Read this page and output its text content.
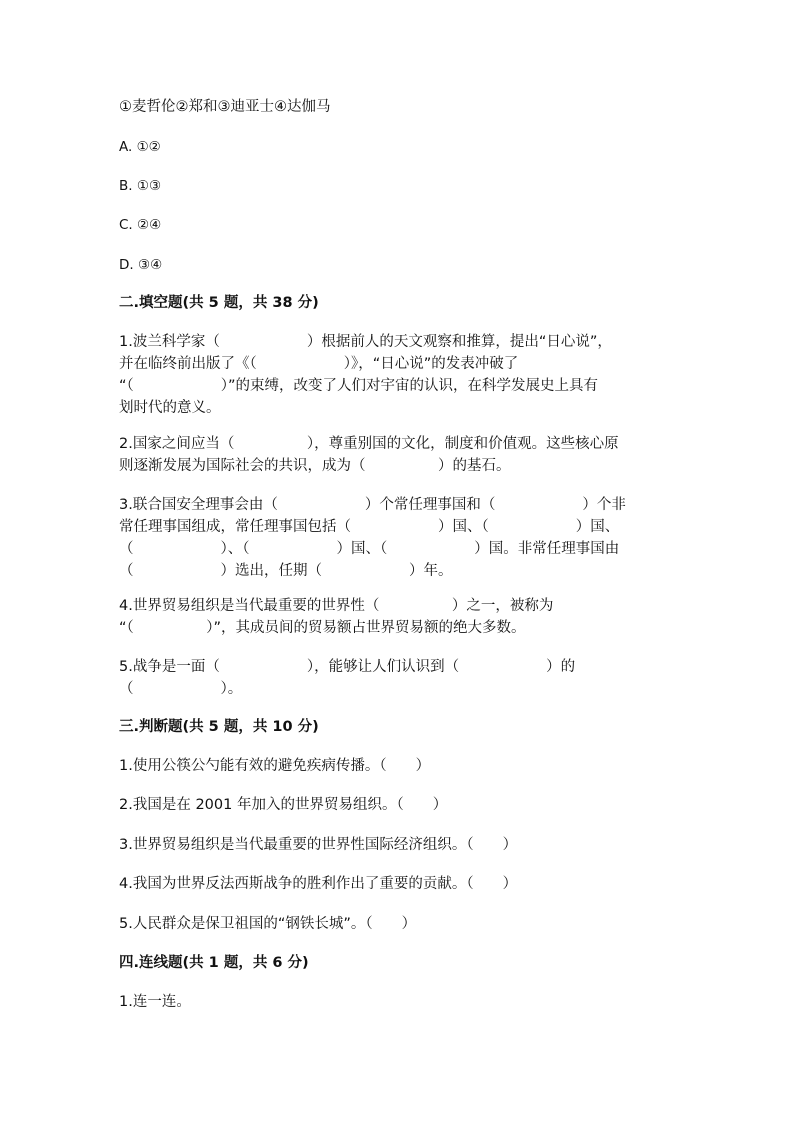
①麦哲伦②郑和③迪亚士④达伽马
A. ①②
B. ①③
C. ②④
D. ③④
二.填空题(共 5 题，共 38 分)
1.波兰科学家（　　　　　　）根据前人的天文观察和推算，提出“日心说”，
并在临终前出版了《（　　　　　　）》，“日心说”的发表冲破了
“（　　　　　　）”的束缚，改变了人们对宇宙的认识，在科学发展史上具有
划时代的意义。
2.国家之间应当（　　　　　），尊重别国的文化，制度和价值观。这些核心原
则逐渐发展为国际社会的共识，成为（　　　　　）的基石。
3.联合国安全理事会由（　　　　　　）个常任理事国和（　　　　　　）个非
常任理事国组成，常任理事国包括（　　　　　　）国、（　　　　　　）国、
（　　　　　　）、（　　　　　　）国、（　　　　　　）国。非常任理事国由
（　　　　　　）选出，任期（　　　　　　）年。
4.世界贸易组织是当代最重要的世界性（　　　　　）之一，被称为
“（　　　　　）”，其成员间的贸易额占世界贸易额的绝大多数。
5.战争是一面（　　　　　　），能够让人们认识到（　　　　　　）的
（　　　　　　）。
三.判断题(共 5 题，共 10 分)
1.使用公筷公勺能有效的避免疾病传播。（　　）
2.我国是在 2001 年加入的世界贸易组织。（　　）
3.世界贸易组织是当代最重要的世界性国际经济组织。（　　）
4.我国为世界反法西斯战争的胜利作出了重要的贡献。（　　）
5.人民群众是保卫祖国的“钢铁长城”。（　　）
四.连线题(共 1 题，共 6 分)
1.连一连。
